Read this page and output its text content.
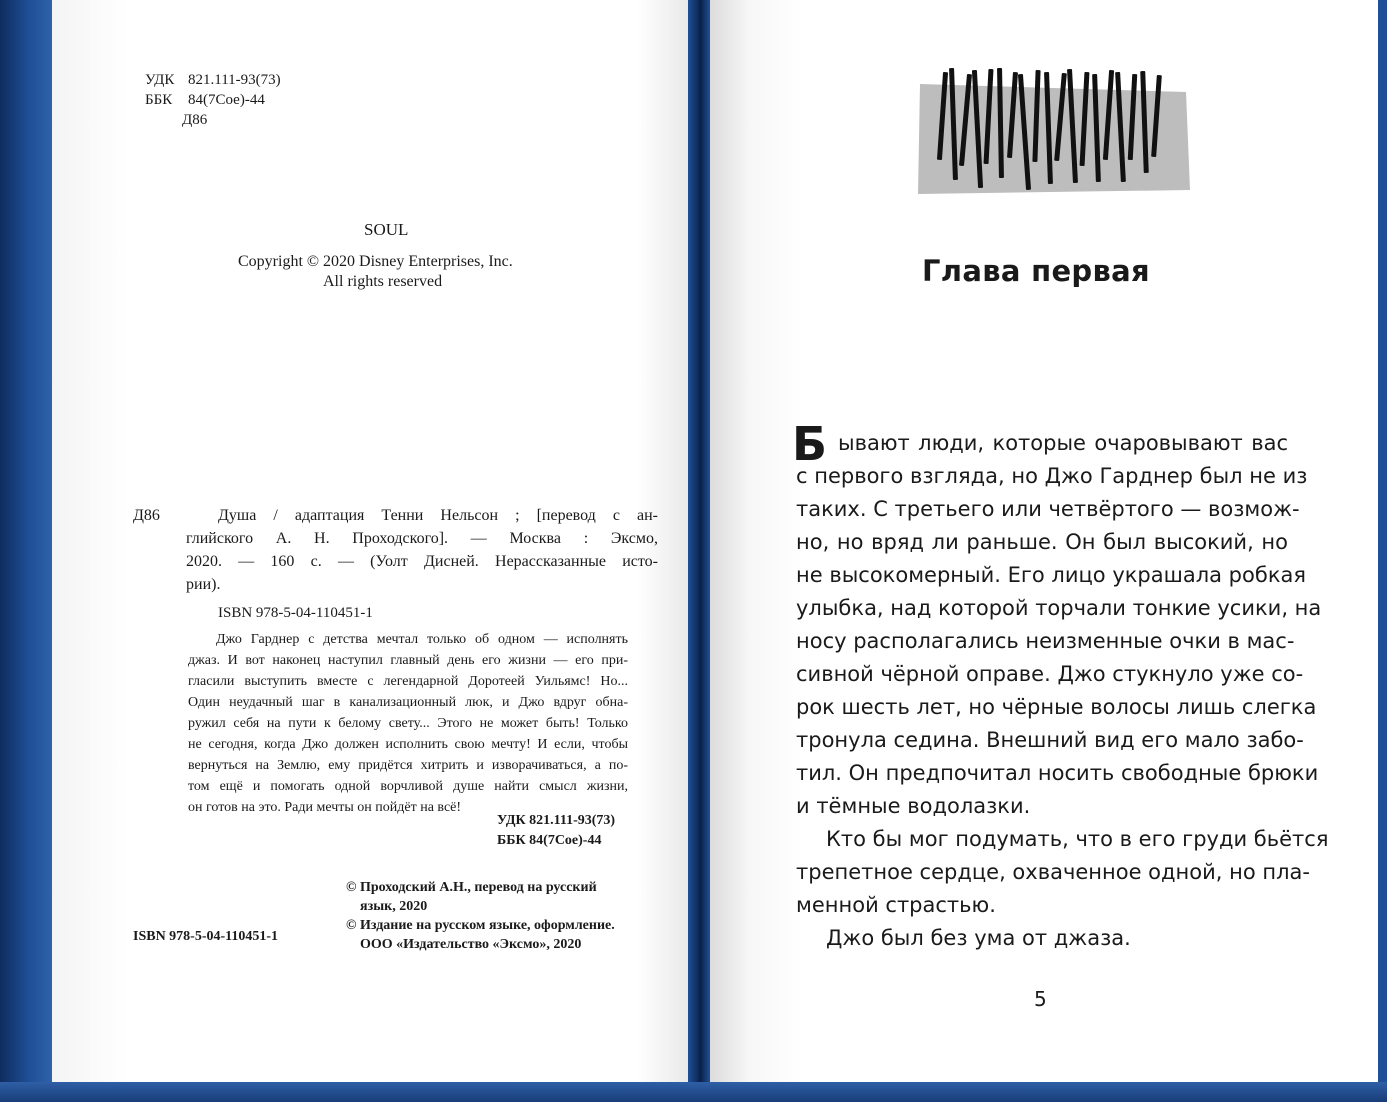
УДК 821.111-93(73)
ББК 84(7Сое)-44
Д86
SOUL
Copyright © 2020 Disney Enterprises, Inc.
All rights reserved
Д86	Душа / адаптация Тенни Нельсон ; [перевод с ан-
глийского А. Н. Проходского]. — Москва : Эксмо,
2020. — 160 с. — (Уолт Дисней. Нерассказанные исто-
рии).
ISBN 978-5-04-110451-1
Джо Гарднер с детства мечтал только об одном — исполнять
джаз. И вот наконец наступил главный день его жизни — его при-
гласили выступить вместе с легендарной Доротеей Уильямс! Но...
Один неудачный шаг в канализационный люк, и Джо вдруг обна-
ружил себя на пути к белому свету... Этого не может быть! Только
не сегодня, когда Джо должен исполнить свою мечту! И если, чтобы
вернуться на Землю, ему придётся хитрить и изворачиваться, а по-
том ещё и помогать одной ворчливой душе найти смысл жизни,
он готов на это. Ради мечты он пойдёт на всё!
УДК 821.111-93(73)
ББК 84(7Сое)-44
© Проходский А.Н., перевод на русский
язык, 2020
© Издание на русском языке, оформление.
ООО «Издательство «Эксмо», 2020
ISBN 978-5-04-110451-1
Глава первая
Б ывают люди, которые очаровывают вас
с первого взгляда, но Джо Гарднер был не из
таких. С третьего или четвёртого — возмож-
но, но вряд ли раньше. Он был высокий, но
не высокомерный. Его лицо украшала робкая
улыбка, над которой торчали тонкие усики, на
носу располагались неизменные очки в мас-
сивной чёрной оправе. Джо стукнуло уже со-
рок шесть лет, но чёрные волосы лишь слегка
тронула седина. Внешний вид его мало забо-
тил. Он предпочитал носить свободные брюки
и тёмные водолазки.
Кто бы мог подумать, что в его груди бьётся
трепетное сердце, охваченное одной, но пла-
менной страстью.
Джо был без ума от джаза.
5
